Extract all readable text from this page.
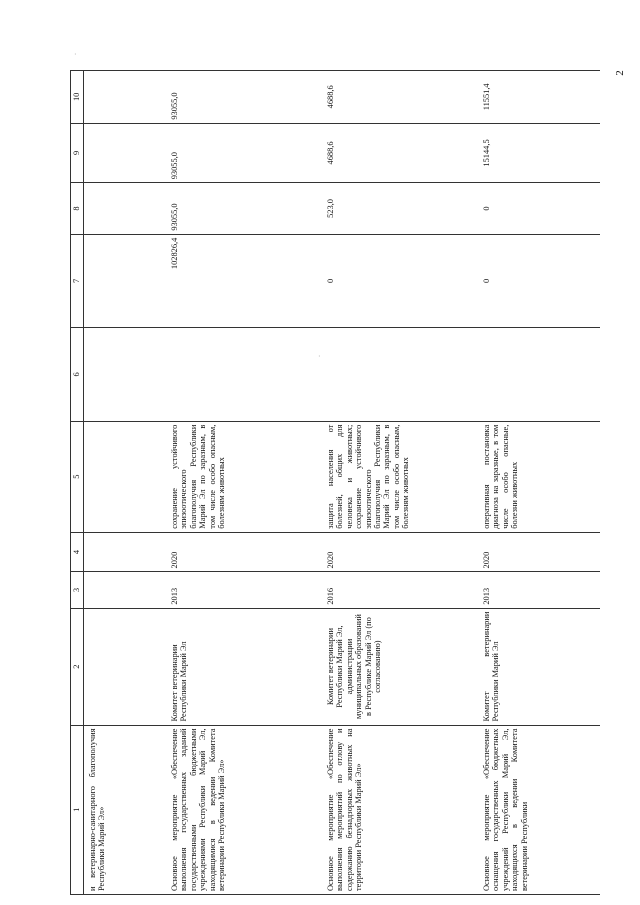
2
·
·
1	2	3	4	5	6	7	8	9	10
и ветеринарно-санитарного благополучия Республики Марий Эл»									
Основное мероприятие «Обеспечение выполнения государственных заданий государственными бюджетными учреждениями Республики Марий Эл, находящимися в ведении Комитета ветеринарии Республики Марий Эл»	Комитет ветеринарии Республики Марий Эл	2013	2020	сохранение устойчивого эпизоотического благополучия Республики Марий Эл по заразным, в том числе особо опасным, болезням животных		102826,4	93055,0	93055,0	93055,0
Основное мероприятие «Обеспечение выполнения мероприятий по отлову и содержанию безнадзорных животных на территории Республики Марий Эл»	Комитет ветеринарии Республики Марий Эл, администрации муниципальных образований в Республике Марий Эл (по согласованию)	2016	2020	защита населения от болезней, общих для человека и животных; сохранение устойчивого эпизоотического благополучия Республики Марий Эл по заразным, в том числе особо опасным, болезням животных		0	523,0	4688,6	4688,6
Основное мероприятие «Обеспечение оснащения государственных бюджетных учреждений Республики Марий Эл, находящихся в ведении Комитета ветеринарии Республики	Комитет ветеринарии Республики Марий Эл	2013	2020	оперативная постановка диагноза на заразные, в том числе особо опасные, болезни животных		0	0	15144,5	11551,4
